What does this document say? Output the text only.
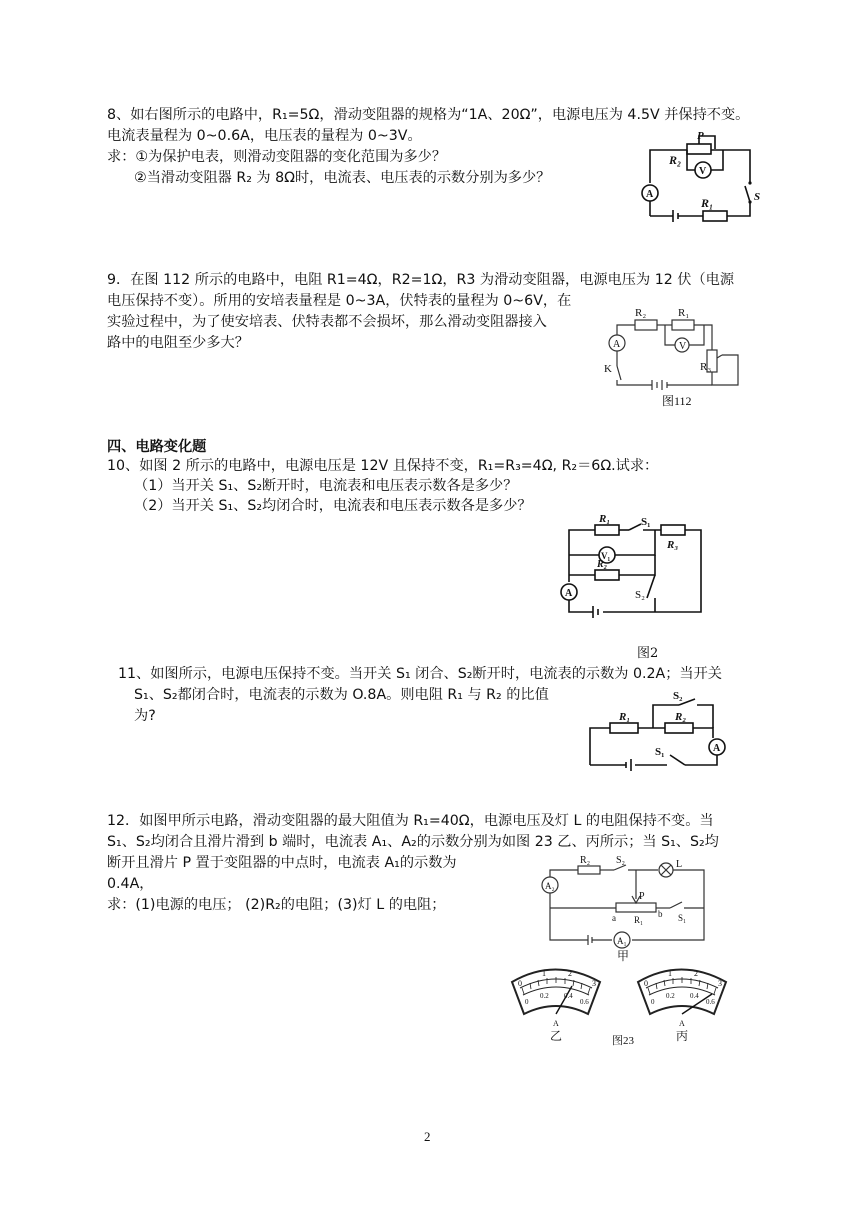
8、如右图所示的电路中，R₁=5Ω，滑动变阻器的规格为“1A、20Ω”，电源电压为 4.5V 并保持不变。
电流表量程为 0~0.6A，电压表的量程为 0~3V。
求：①为保护电表，则滑动变阻器的变化范围为多少？
②当滑动变阻器 R₂ 为 8Ω时，电流表、电压表的示数分别为多少？
P
R₂
V
A	S
R₁
9．在图 112 所示的电路中，电阻 R1=4Ω，R2=1Ω，R3 为滑动变阻器，电源电压为 12 伏（电源
电压保持不变）。所用的安培表量程是 0~3A，伏特表的量程为 0~6V，在
实验过程中，为了使安培表、伏特表都不会损坏，那么滑动变阻器接入
路中的电阻至少多大？
R₂	R₁
A	V
R₃
K
图112
四、电路变化题
10、如图 2 所示的电路中，电源电压是 12V 且保持不变，R₁=R₃=4Ω, R₂＝6Ω.试求：
（1）当开关 S₁、S₂断开时，电流表和电压表示数各是多少？
（2）当开关 S₁、S₂均闭合时，电流表和电压表示数各是多少？
R₁	S₁
R₃
V₁
R₂
A	S₂
图2
11、如图所示，电源电压保持不变。当开关 S₁ 闭合、S₂断开时，电流表的示数为 0.2A；当开关
S₁、S₂都闭合时，电流表的示数为 O.8A。则电阻 R₁ 与 R₂ 的比值
为?
S₂
R₁	R₂
A
S₁
12．如图甲所示电路，滑动变阻器的最大阻值为 R₁=40Ω，电源电压及灯 L 的电阻保持不变。当
S₁、S₂均闭合且滑片滑到 b 端时，电流表 A₁、A₂的示数分别为如图 23 乙、丙所示；当 S₁、S₂均
断开且滑片 P 置于变阻器的中点时，电流表 A₁的示数为
0.4A，
求：(1)电源的电压； (2)R₂的电阻；(3)灯 L 的电阻；
R₂	S₂	L
A₂
P
a	b
R₁	S₁
A₁
甲
0
1	2
3
0
0.2 0.4
0.6
A
乙
0
1	2
3
0
0.2 0.4
0.6
A
丙
图23
2
